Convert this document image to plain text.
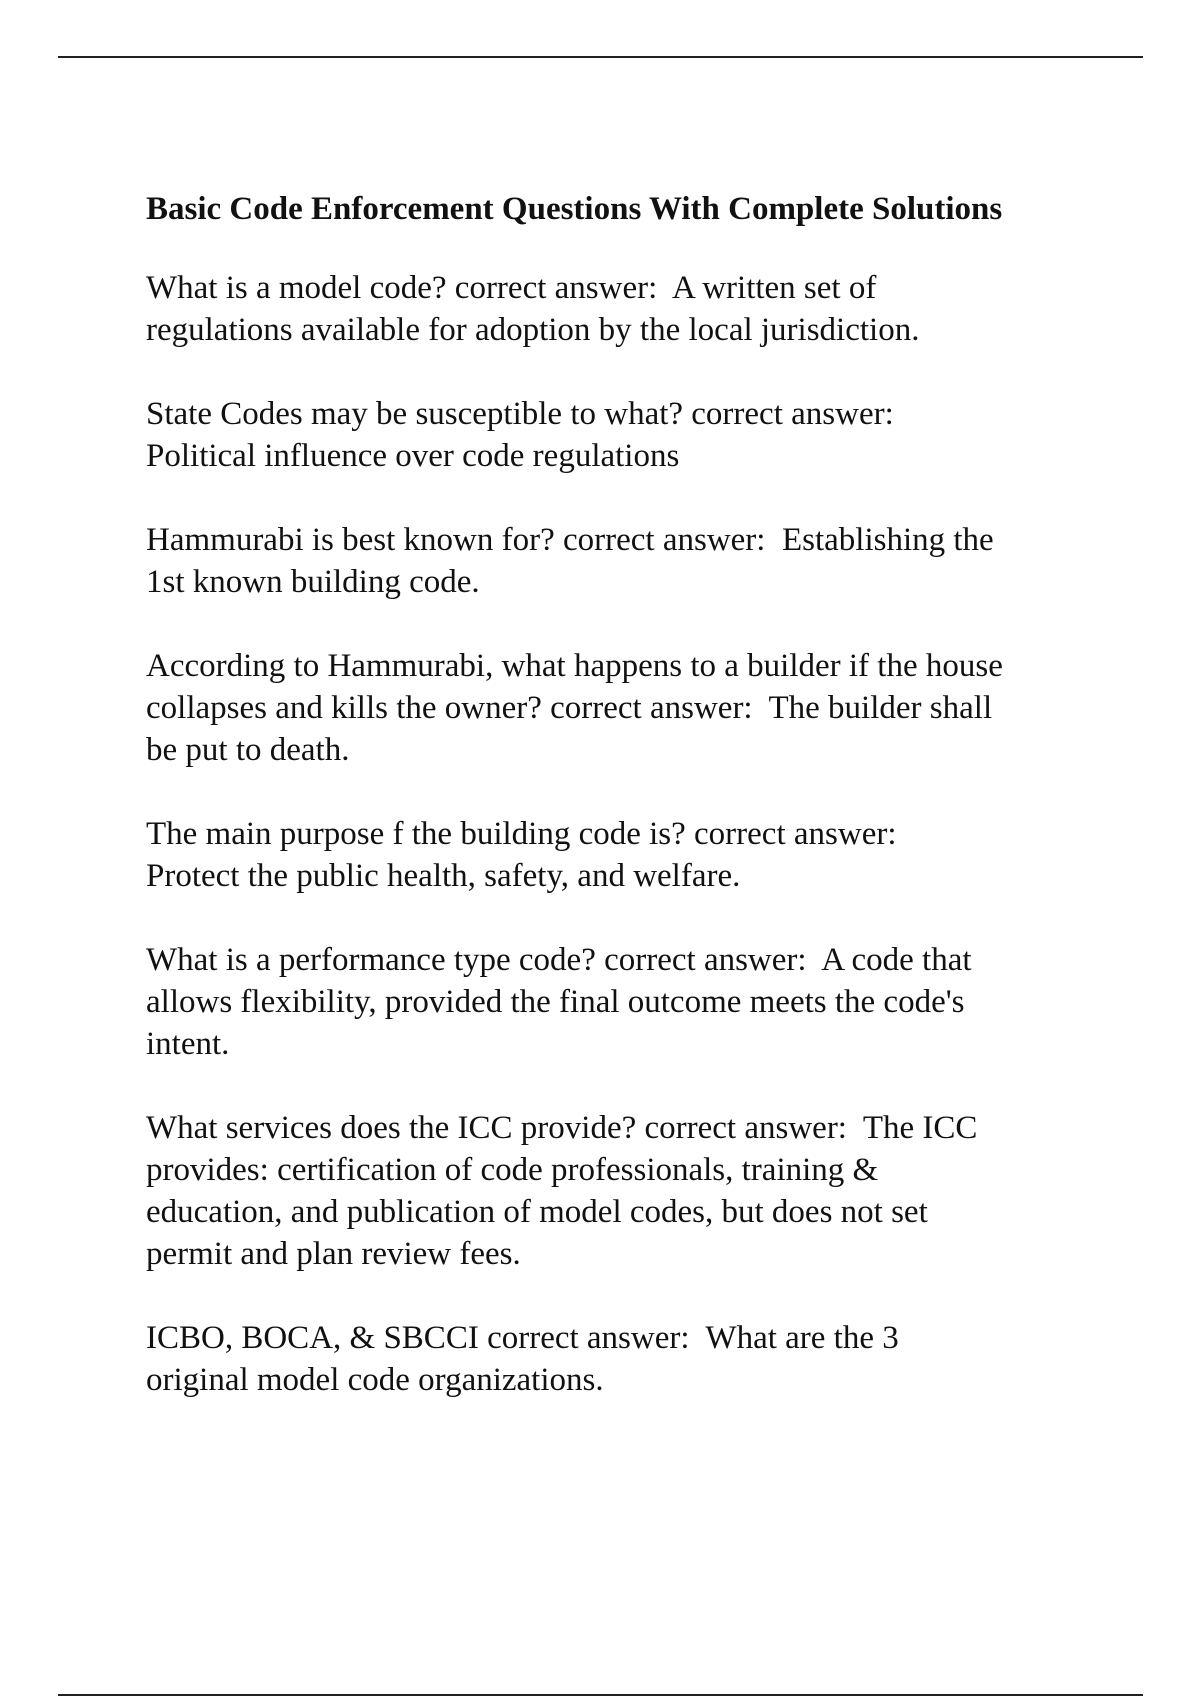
Basic Code Enforcement Questions With Complete Solutions
What is a model code? correct answer:  A written set of
regulations available for adoption by the local jurisdiction.
State Codes may be susceptible to what? correct answer:
Political influence over code regulations
Hammurabi is best known for? correct answer:  Establishing the
1st known building code.
According to Hammurabi, what happens to a builder if the house
collapses and kills the owner? correct answer:  The builder shall
be put to death.
The main purpose f the building code is? correct answer:
Protect the public health, safety, and welfare.
What is a performance type code? correct answer:  A code that
allows flexibility, provided the final outcome meets the code's
intent.
What services does the ICC provide? correct answer:  The ICC
provides: certification of code professionals, training &
education, and publication of model codes, but does not set
permit and plan review fees.
ICBO, BOCA, & SBCCI correct answer:  What are the 3
original model code organizations.
